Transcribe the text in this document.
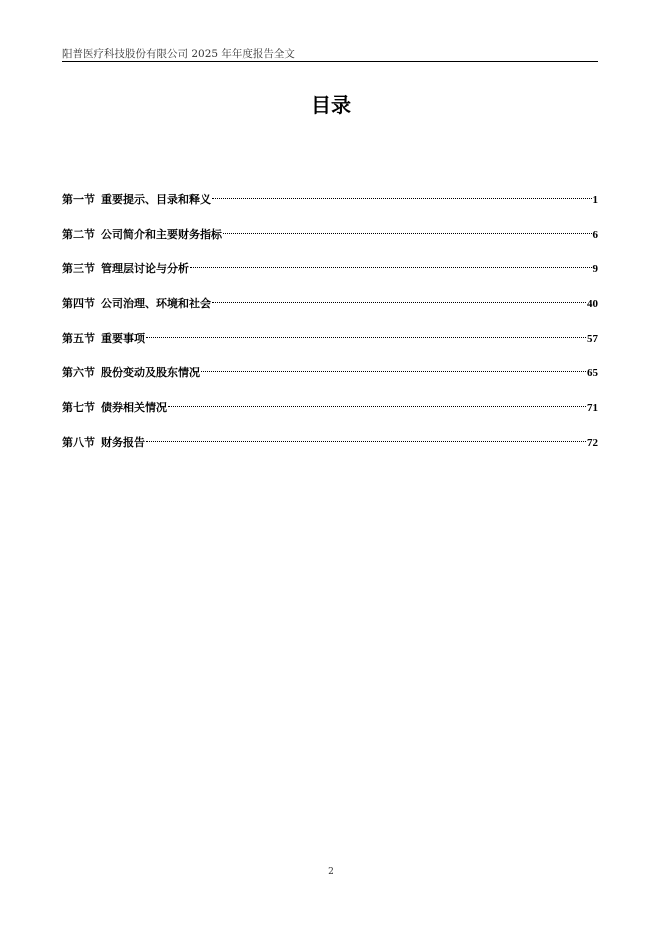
阳普医疗科技股份有限公司 2025 年年度报告全文
目录
第一节 重要提示、目录和释义	1
第二节 公司简介和主要财务指标	6
第三节 管理层讨论与分析	9
第四节 公司治理、环境和社会	40
第五节 重要事项	57
第六节 股份变动及股东情况	65
第七节 债券相关情况	71
第八节 财务报告	72
2
